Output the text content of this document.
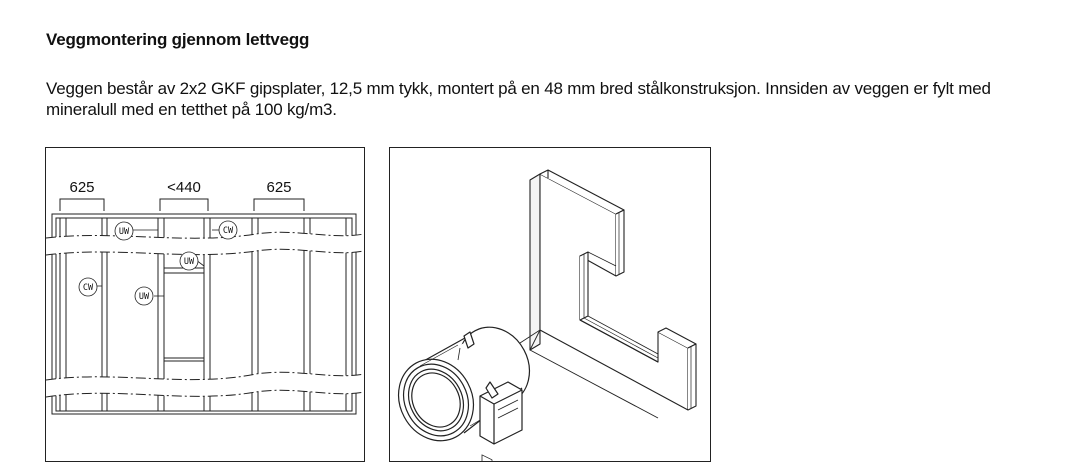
Veggmontering gjennom lettvegg
Veggen består av 2x2 GKF gipsplater, 12,5 mm tykk, montert på en 48 mm bred stålkonstruksjon. Innsiden av veggen er fylt med mineralull med en tetthet på 100 kg/m3.
625	<440	625
UW	CW
UW
CW
UW
